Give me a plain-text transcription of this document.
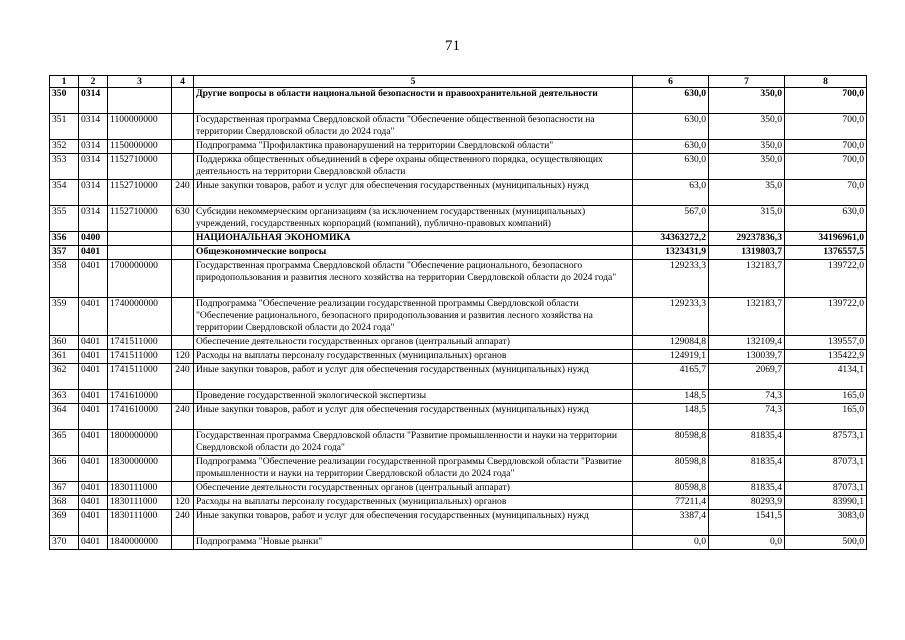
71
1	2	3	4	5	6	7	8
350	0314			Другие вопросы в области национальной безопасности и правоохранительной деятельности	630,0	350,0	700,0
351	0314	1100000000		Государственная программа Свердловской области "Обеспечение общественной безопасности на территории Свердловской области до 2024 года"	630,0	350,0	700,0
352	0314	1150000000		Подпрограмма "Профилактика правонарушений на территории Свердловской области"	630,0	350,0	700,0
353	0314	1152710000		Поддержка общественных объединений в сфере охраны общественного порядка, осуществляющих деятельность на территории Свердловской области	630,0	350,0	700,0
354	0314	1152710000	240	Иные закупки товаров, работ и услуг для обеспечения государственных (муниципальных) нужд	63,0	35,0	70,0
355	0314	1152710000	630	Субсидии некоммерческим организациям (за исключением государственных (муниципальных) учреждений, государственных корпораций (компаний), публично-правовых компаний)	567,0	315,0	630,0
356	0400			НАЦИОНАЛЬНАЯ ЭКОНОМИКА	34363272,2	29237836,3	34196961,0
357	0401			Общеэкономические вопросы	1323431,9	1319803,7	1376557,5
358	0401	1700000000		Государственная программа Свердловской области "Обеспечение рационального, безопасного природопользования и развития лесного хозяйства на территории Свердловской области до 2024 года"	129233,3	132183,7	139722,0
359	0401	1740000000		Подпрограмма "Обеспечение реализации государственной программы Свердловской области "Обеспечение рационального, безопасного природопользования и развития лесного хозяйства на территории Свердловской области до 2024 года"	129233,3	132183,7	139722,0
360	0401	1741511000		Обеспечение деятельности государственных органов (центральный аппарат)	129084,8	132109,4	139557,0
361	0401	1741511000	120	Расходы на выплаты персоналу государственных (муниципальных) органов	124919,1	130039,7	135422,9
362	0401	1741511000	240	Иные закупки товаров, работ и услуг для обеспечения государственных (муниципальных) нужд	4165,7	2069,7	4134,1
363	0401	1741610000		Проведение государственной экологической экспертизы	148,5	74,3	165,0
364	0401	1741610000	240	Иные закупки товаров, работ и услуг для обеспечения государственных (муниципальных) нужд	148,5	74,3	165,0
365	0401	1800000000		Государственная программа Свердловской области "Развитие промышленности и науки на территории Свердловской области до 2024 года"	80598,8	81835,4	87573,1
366	0401	1830000000		Подпрограмма "Обеспечение реализации государственной программы Свердловской области "Развитие промышленности и науки на территории Свердловской области до 2024 года"	80598,8	81835,4	87073,1
367	0401	1830111000		Обеспечение деятельности государственных органов (центральный аппарат)	80598,8	81835,4	87073,1
368	0401	1830111000	120	Расходы на выплаты персоналу государственных (муниципальных) органов	77211,4	80293,9	83990,1
369	0401	1830111000	240	Иные закупки товаров, работ и услуг для обеспечения государственных (муниципальных) нужд	3387,4	1541,5	3083,0
370	0401	1840000000		Подпрограмма "Новые рынки"	0,0	0,0	500,0
